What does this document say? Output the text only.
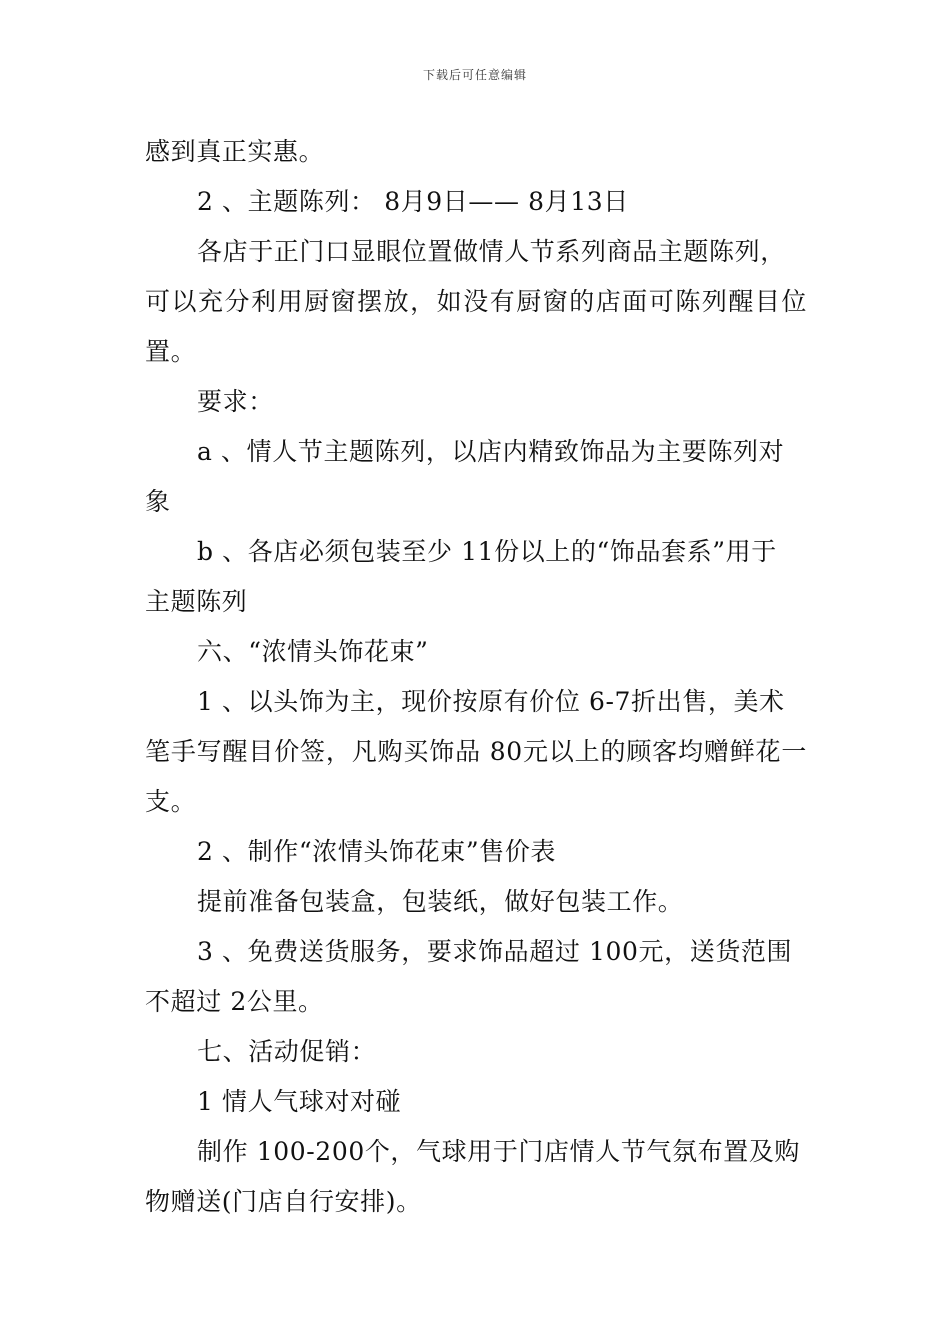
下载后可任意编辑
感到真正实惠。
2 、主题陈列： 8月9日—— 8月13日
各店于正门口显眼位置做情人节系列商品主题陈列，
可以充分利用厨窗摆放，如没有厨窗的店面可陈列醒目位
置。
要求：
a 、情人节主题陈列，以店内精致饰品为主要陈列对
象
b 、各店必须包装至少 11份以上的“饰品套系”用于
主题陈列
六、“浓情头饰花束”
1 、以头饰为主，现价按原有价位 6-7折出售，美术
笔手写醒目价签，凡购买饰品 80元以上的顾客均赠鲜花一
支。
2 、制作“浓情头饰花束”售价表
提前准备包装盒，包装纸，做好包装工作。
3 、免费送货服务，要求饰品超过 100元，送货范围
不超过 2公里。
七、活动促销：
1 情人气球对对碰
制作 100-200个，气球用于门店情人节气氛布置及购
物赠送(门店自行安排)。
